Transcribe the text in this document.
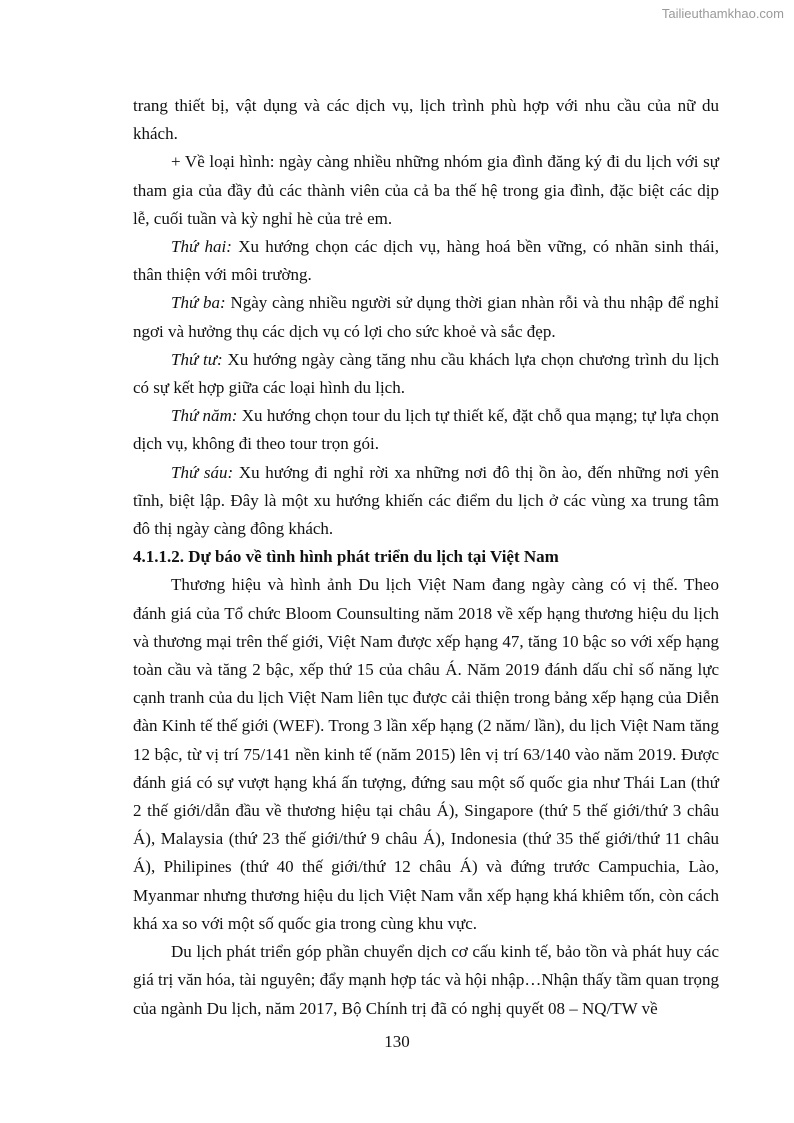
Tailieuthamkhao.com

trang thiết bị, vật dụng và các dịch vụ, lịch trình phù hợp với nhu cầu của nữ du khách.

+ Về loại hình: ngày càng nhiều những nhóm gia đình đăng ký đi du lịch với sự tham gia của đầy đủ các thành viên của cả ba thế hệ trong gia đình, đặc biệt các dịp lễ, cuối tuần và kỳ nghỉ hè của trẻ em.

Thứ hai: Xu hướng chọn các dịch vụ, hàng hoá bền vững, có nhãn sinh thái, thân thiện với môi trường.

Thứ ba: Ngày càng nhiều người sử dụng thời gian nhàn rỗi và thu nhập để nghỉ ngơi và hưởng thụ các dịch vụ có lợi cho sức khoẻ và sắc đẹp.

Thứ tư: Xu hướng ngày càng tăng nhu cầu khách lựa chọn chương trình du lịch có sự kết hợp giữa các loại hình du lịch.

Thứ năm: Xu hướng chọn tour du lịch tự thiết kế, đặt chỗ qua mạng; tự lựa chọn dịch vụ, không đi theo tour trọn gói.

Thứ sáu: Xu hướng đi nghỉ rời xa những nơi đô thị ồn ào, đến những nơi yên tĩnh, biệt lập. Đây là một xu hướng khiến các điểm du lịch ở các vùng xa trung tâm đô thị ngày càng đông khách.

4.1.1.2. Dự báo về tình hình phát triển du lịch tại Việt Nam

Thương hiệu và hình ảnh Du lịch Việt Nam đang ngày càng có vị thế. Theo đánh giá của Tổ chức Bloom Counsulting năm 2018 về xếp hạng thương hiệu du lịch và thương mại trên thế giới, Việt Nam được xếp hạng 47, tăng 10 bậc so với xếp hạng toàn cầu và tăng 2 bậc, xếp thứ 15 của châu Á. Năm 2019 đánh dấu chỉ số năng lực cạnh tranh của du lịch Việt Nam liên tục được cải thiện trong bảng xếp hạng của Diễn đàn Kinh tế thế giới (WEF). Trong 3 lần xếp hạng (2 năm/ lần), du lịch Việt Nam tăng 12 bậc, từ vị trí 75/141 nền kinh tế (năm 2015) lên vị trí 63/140 vào năm 2019. Được đánh giá có sự vượt hạng khá ấn tượng, đứng sau một số quốc gia như Thái Lan (thứ 2 thế giới/dẫn đầu về thương hiệu tại châu Á), Singapore (thứ 5 thế giới/thứ 3 châu Á), Malaysia (thứ 23 thế giới/thứ 9 châu Á), Indonesia (thứ 35 thế giới/thứ 11 châu Á), Philipines (thứ 40 thế giới/thứ 12 châu Á) và đứng trước Campuchia, Lào, Myanmar nhưng thương hiệu du lịch Việt Nam vẫn xếp hạng khá khiêm tốn, còn cách khá xa so với một số quốc gia trong cùng khu vực.

Du lịch phát triển góp phần chuyển dịch cơ cấu kinh tế, bảo tồn và phát huy các giá trị văn hóa, tài nguyên; đẩy mạnh hợp tác và hội nhập…Nhận thấy tầm quan trọng của ngành Du lịch, năm 2017, Bộ Chính trị đã có nghị quyết 08 – NQ/TW về

130
